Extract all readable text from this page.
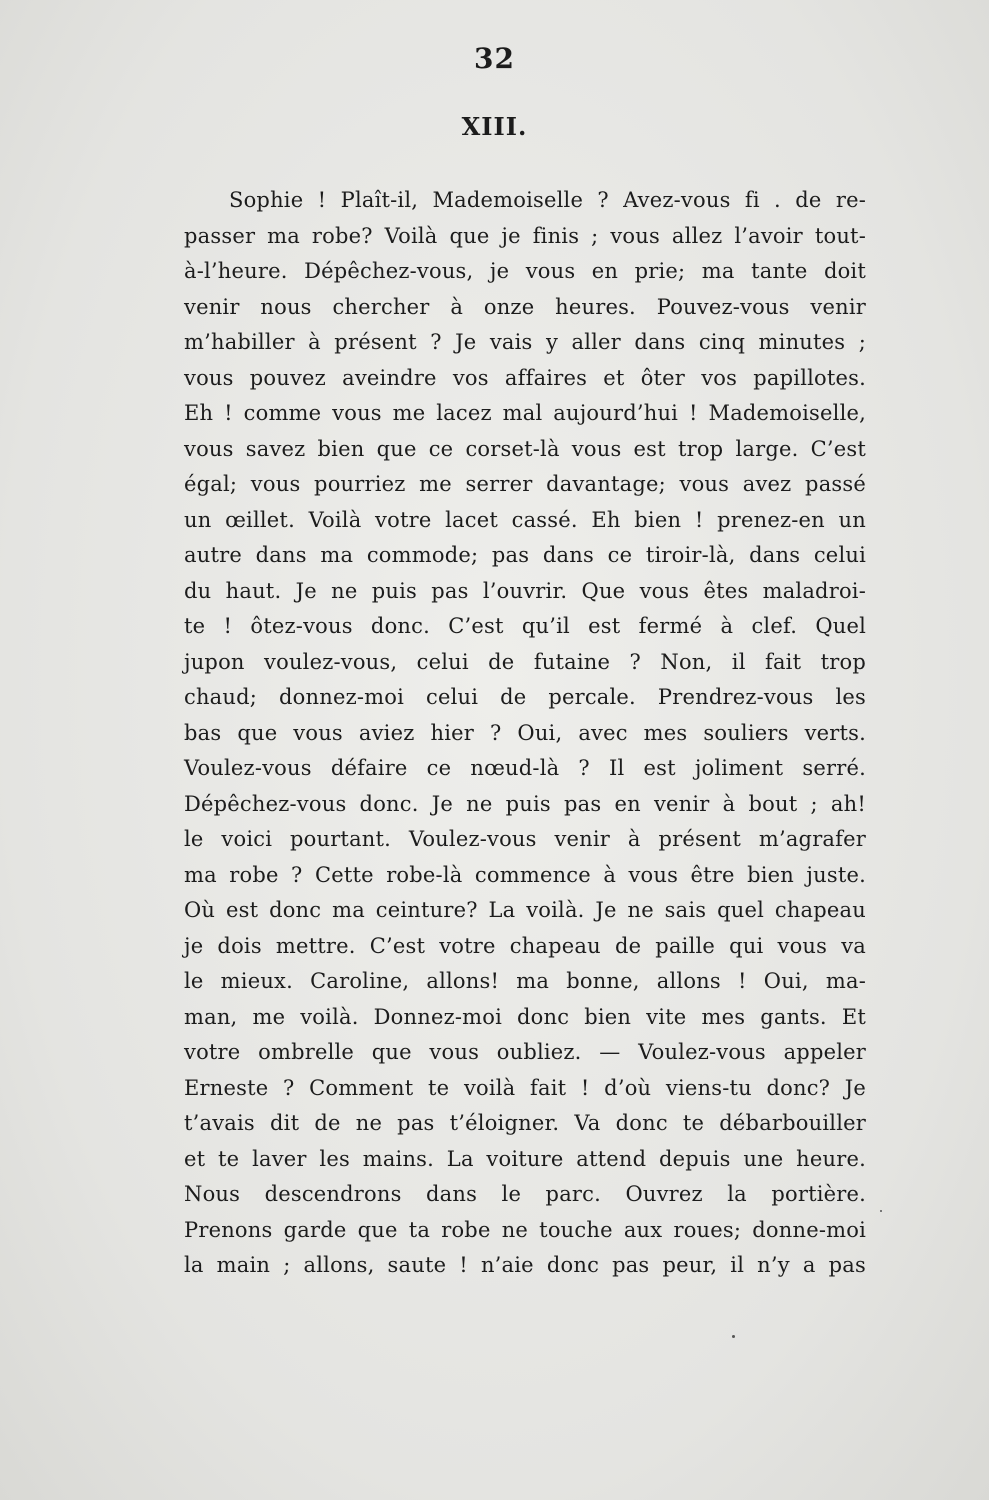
32
XIII.
Sophie ! Plaît-il, Mademoiselle ? Avez-vous fi . de re-
passer ma robe? Voilà que je finis ; vous allez l’avoir tout-
à-l’heure. Dépêchez-vous, je vous en prie; ma tante doit
venir nous chercher à onze heures. Pouvez-vous venir
m’habiller à présent ? Je vais y aller dans cinq minutes ;
vous pouvez aveindre vos affaires et ôter vos papillotes.
Eh ! comme vous me lacez mal aujourd’hui ! Mademoiselle,
vous savez bien que ce corset-là vous est trop large. C’est
égal; vous pourriez me serrer davantage; vous avez passé
un œillet. Voilà votre lacet cassé. Eh bien ! prenez-en un
autre dans ma commode; pas dans ce tiroir-là, dans celui
du haut. Je ne puis pas l’ouvrir. Que vous êtes maladroi-
te ! ôtez-vous donc. C’est qu’il est fermé à clef. Quel
jupon voulez-vous, celui de futaine ? Non, il fait trop
chaud; donnez-moi celui de percale. Prendrez-vous les
bas que vous aviez hier ? Oui, avec mes souliers verts.
Voulez-vous défaire ce nœud-là ? Il est joliment serré.
Dépêchez-vous donc. Je ne puis pas en venir à bout ; ah!
le voici pourtant. Voulez-vous venir à présent m’agrafer
ma robe ? Cette robe-là commence à vous être bien juste.
Où est donc ma ceinture? La voilà. Je ne sais quel chapeau
je dois mettre. C’est votre chapeau de paille qui vous va
le mieux. Caroline, allons! ma bonne, allons ! Oui, ma-
man, me voilà. Donnez-moi donc bien vite mes gants. Et
votre ombrelle que vous oubliez. — Voulez-vous appeler
Erneste ? Comment te voilà fait ! d’où viens-tu donc? Je
t’avais dit de ne pas t’éloigner. Va donc te débarbouiller
et te laver les mains. La voiture attend depuis une heure.
Nous descendrons dans le parc. Ouvrez la portière.
Prenons garde que ta robe ne touche aux roues; donne-moi
la main ; allons, saute ! n’aie donc pas peur, il n’y a pas
